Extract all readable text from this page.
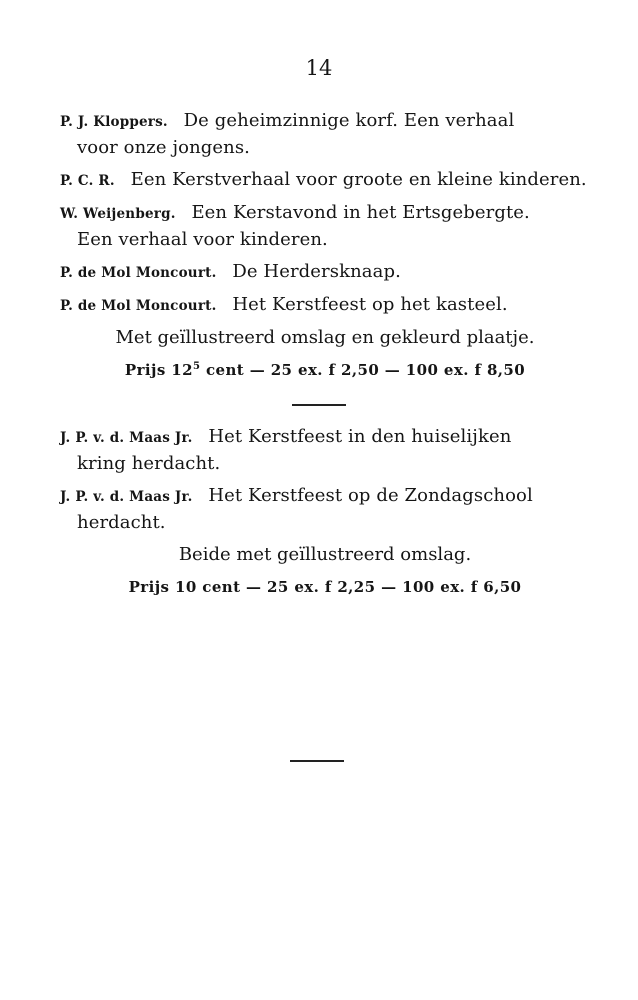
14
P. J. Kloppers. De geheimzinnige korf. Een verhaal
voor onze jongens.
P. C. R. Een Kerstverhaal voor groote en kleine kinderen.
W. Weijenberg. Een Kerstavond in het Ertsgebergte.
Een verhaal voor kinderen.
P. de Mol Moncourt. De Herdersknaap.
P. de Mol Moncourt. Het Kerstfeest op het kasteel.
Met geïllustreerd omslag en gekleurd plaatje.
Prijs $12^5$ cent — 25 ex. f 2,50 — 100 ex. f 8,50
J. P. v. d. Maas Jr. Het Kerstfeest in den huiselijken
kring herdacht.
J. P. v. d. Maas Jr. Het Kerstfeest op de Zondagschool
herdacht.
Beide met geïllustreerd omslag.
Prijs 10 cent — 25 ex. f 2,25 — 100 ex. f 6,50
